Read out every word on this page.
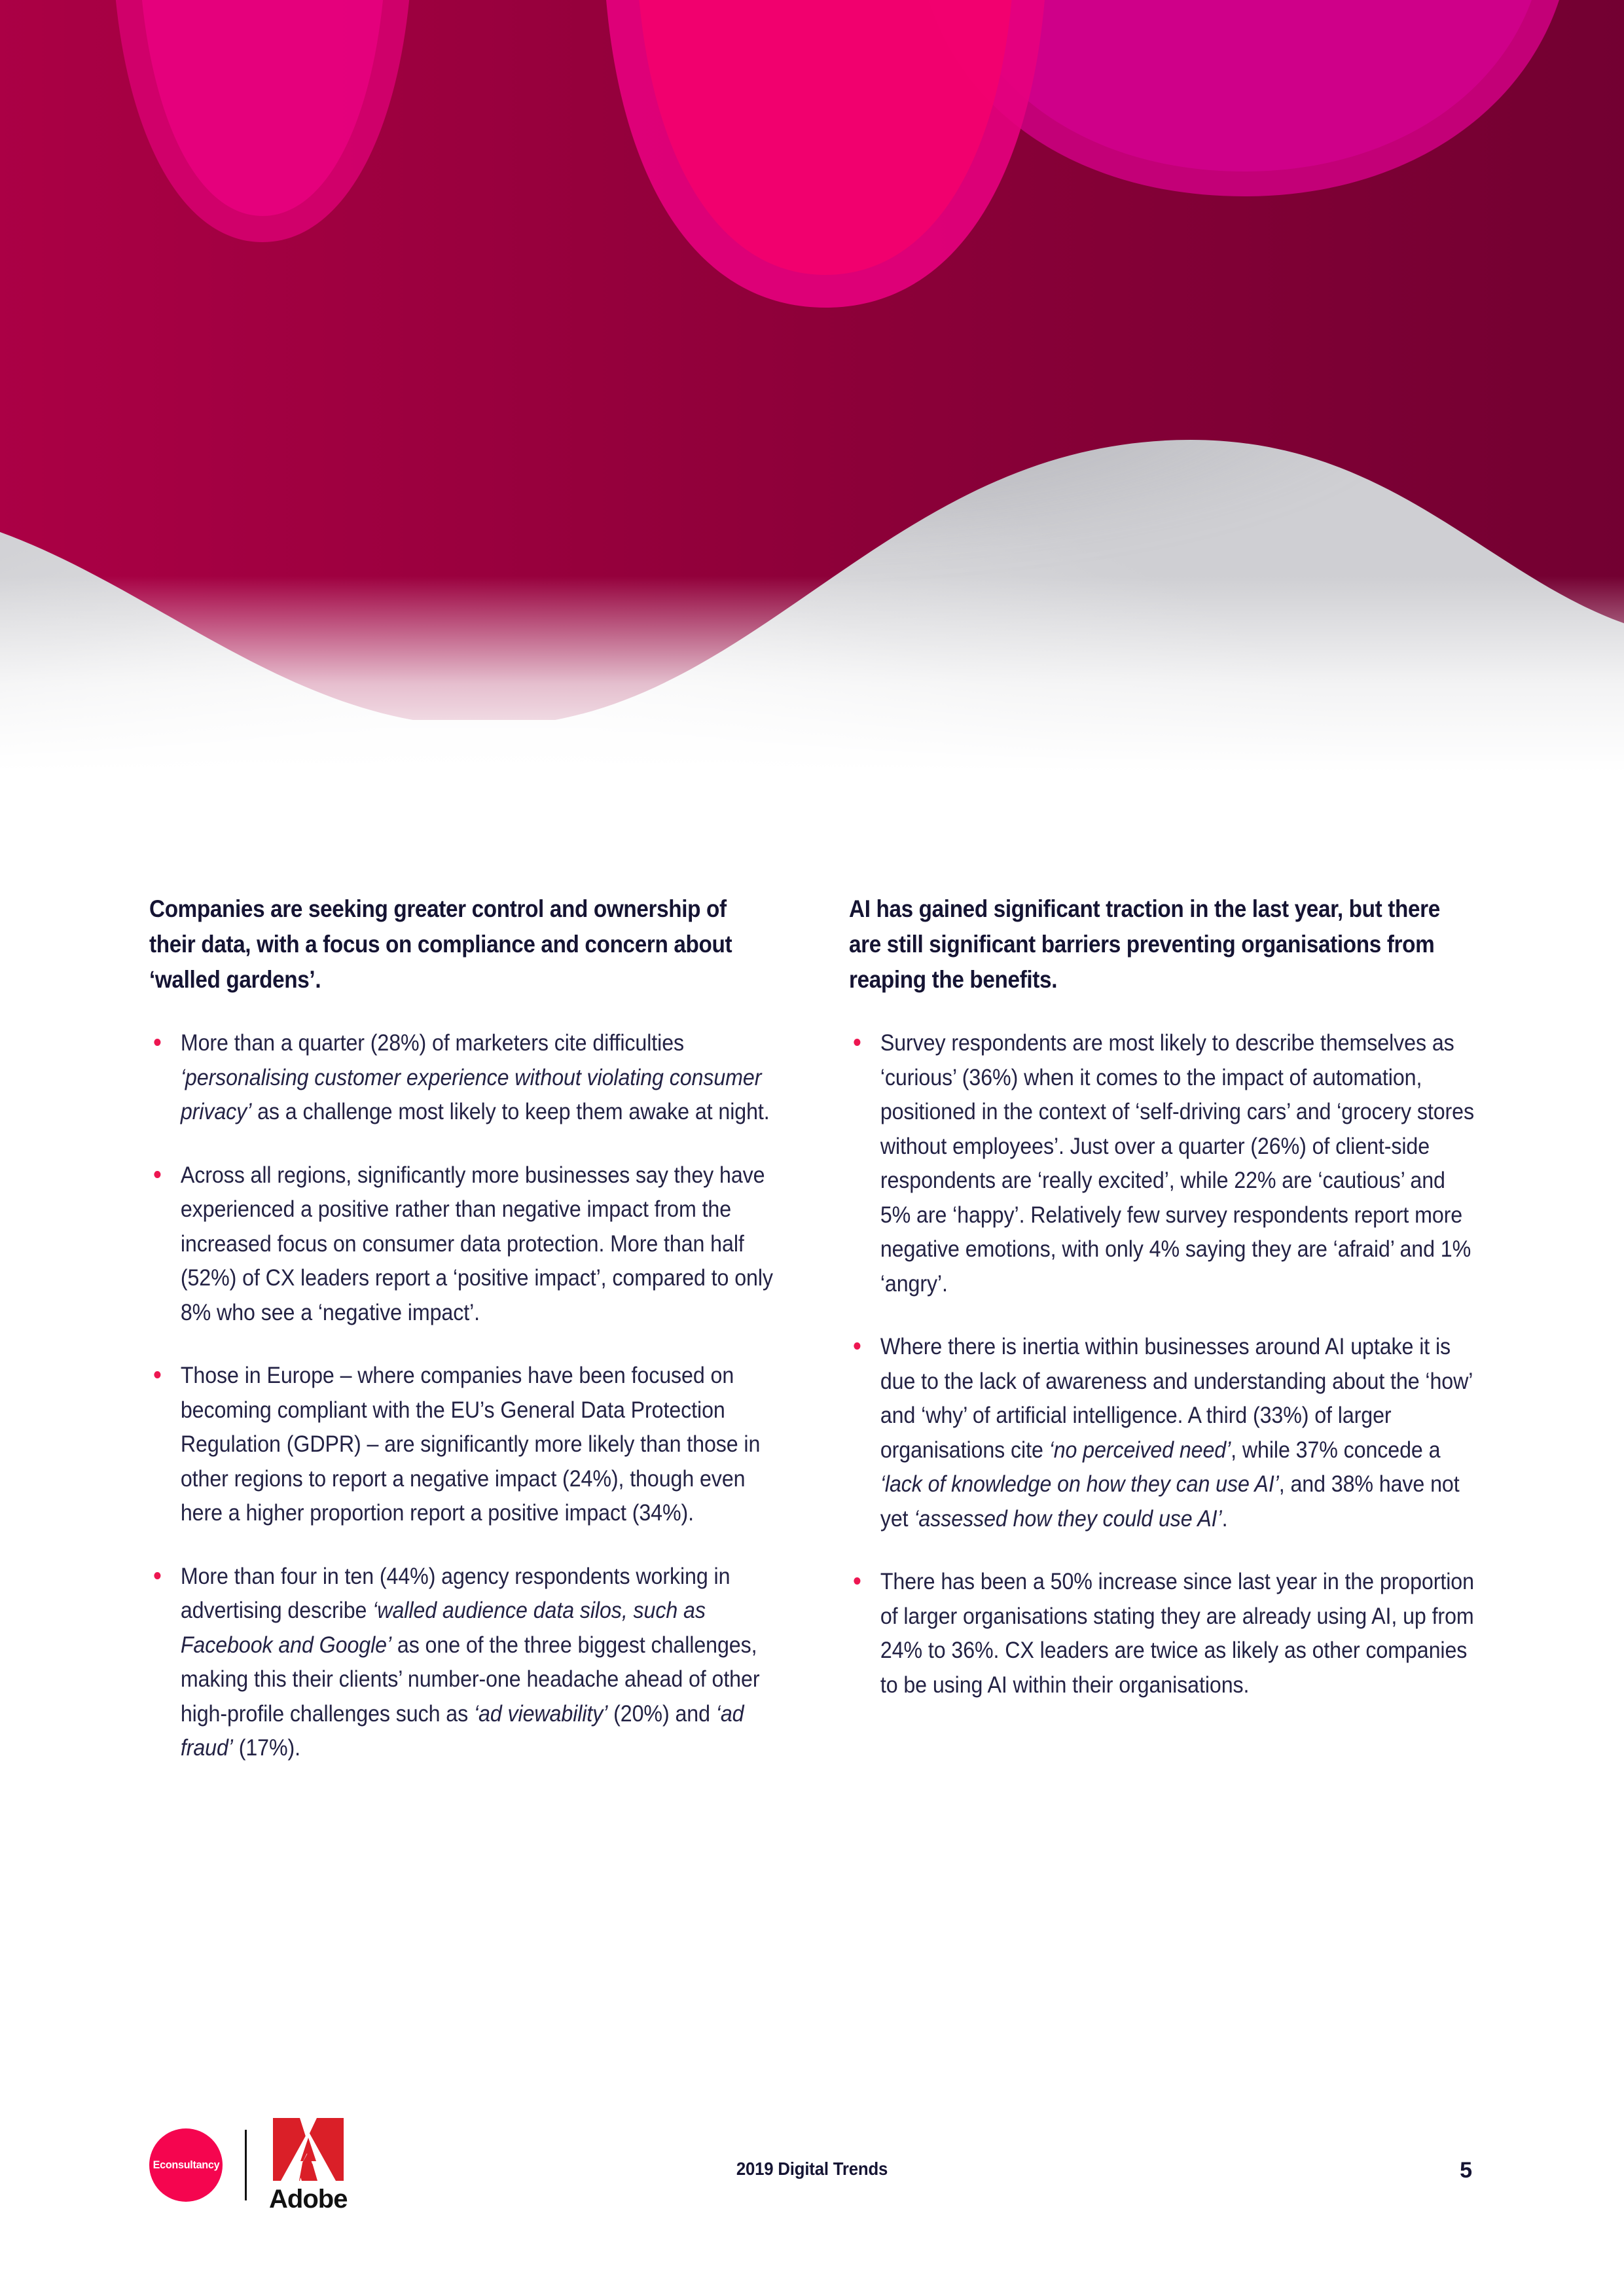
Companies are seeking greater control and ownership of their data, with a focus on compliance and concern about ‘walled gardens’.
More than a quarter (28%) of marketers cite difficulties ‘personalising customer experience without violating consumer privacy’ as a challenge most likely to keep them awake at night.
Across all regions, significantly more businesses say they have experienced a positive rather than negative impact from the increased focus on consumer data protection. More than half (52%) of CX leaders report a ‘positive impact’, compared to only 8% who see a ‘negative impact’.
Those in Europe – where companies have been focused on becoming compliant with the EU’s General Data Protection Regulation (GDPR) – are significantly more likely than those in other regions to report a negative impact (24%), though even here a higher proportion report a positive impact (34%).
More than four in ten (44%) agency respondents working in advertising describe ‘walled audience data silos, such as Facebook and Google’ as one of the three biggest challenges, making this their clients’ number-one headache ahead of other high-profile challenges such as ‘ad viewability’ (20%) and ‘ad fraud’ (17%).
AI has gained significant traction in the last year, but there are still significant barriers preventing organisations from reaping the benefits.
Survey respondents are most likely to describe themselves as ‘curious’ (36%) when it comes to the impact of automation, positioned in the context of ‘self-driving cars’ and ‘grocery stores without employees’. Just over a quarter (26%) of client-side respondents are ‘really excited’, while 22% are ‘cautious’ and 5% are ‘happy’. Relatively few survey respondents report more negative emotions, with only 4% saying they are ‘afraid’ and 1% ‘angry’.
Where there is inertia within businesses around AI uptake it is due to the lack of awareness and understanding about the ‘how’ and ‘why’ of artificial intelligence. A third (33%) of larger organisations cite ‘no perceived need’, while 37% concede a ‘lack of knowledge on how they can use AI’, and 38% have not yet ‘assessed how they could use AI’.
There has been a 50% increase since last year in the proportion of larger organisations stating they are already using AI, up from 24% to 36%. CX leaders are twice as likely as other companies to be using AI within their organisations.
Econsultancy
Adobe
2019 Digital Trends	5
